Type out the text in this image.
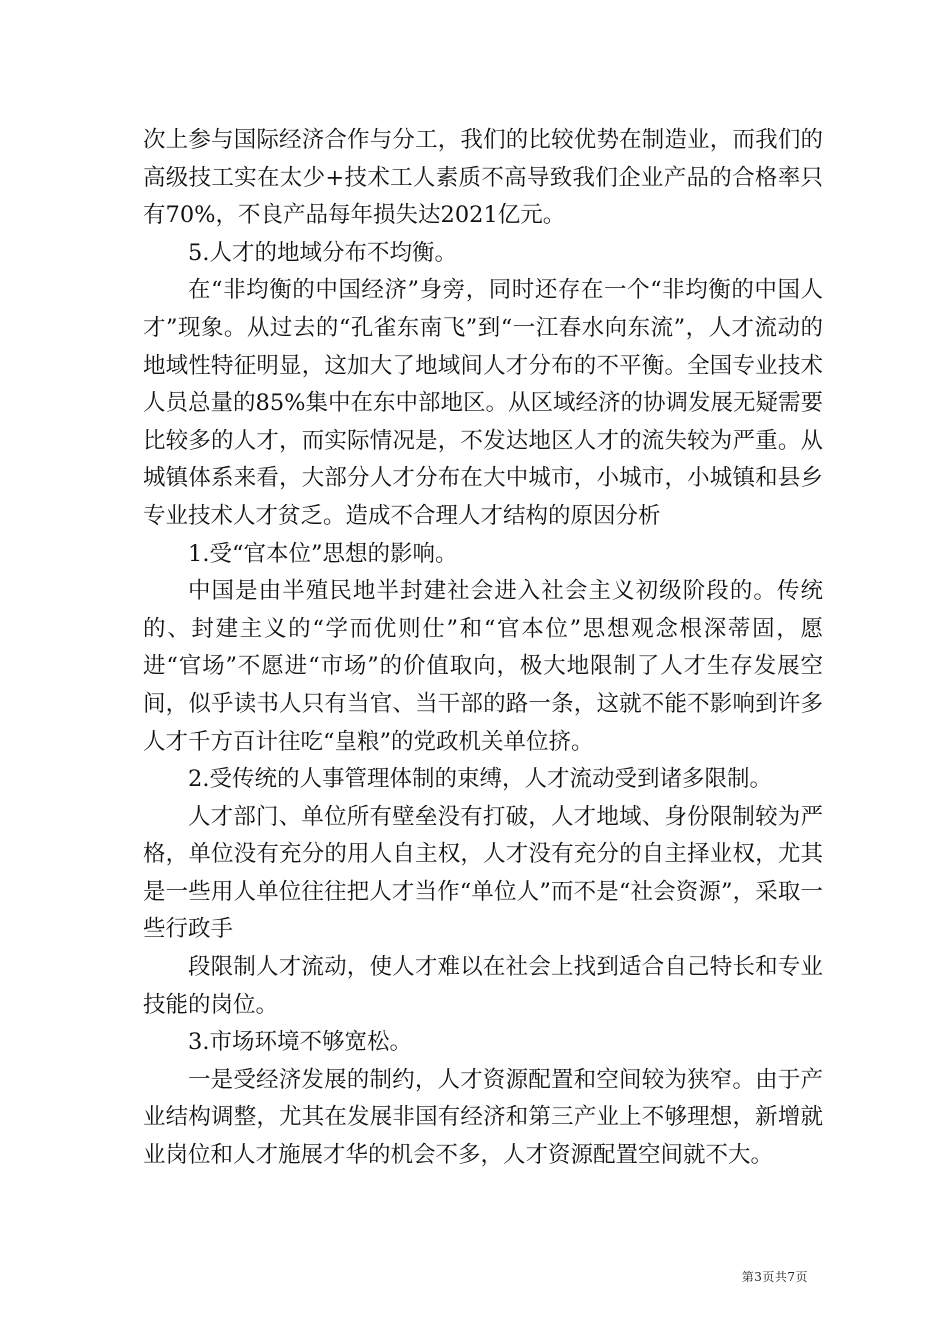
次上参与国际经济合作与分工，我们的比较优势在制造业，而我们的高级技工实在太少+技术工人素质不高导致我们企业产品的合格率只有70%，不良产品每年损失达2021亿元。

5.人才的地域分布不均衡。

在“非均衡的中国经济”身旁，同时还存在一个“非均衡的中国人才”现象。从过去的“孔雀东南飞”到“一江春水向东流”，人才流动的地域性特征明显，这加大了地域间人才分布的不平衡。全国专业技术人员总量的85%集中在东中部地区。从区域经济的协调发展无疑需要比较多的人才，而实际情况是，不发达地区人才的流失较为严重。从城镇体系来看，大部分人才分布在大中城市，小城市，小城镇和县乡专业技术人才贫乏。造成不合理人才结构的原因分析

1.受“官本位”思想的影响。

中国是由半殖民地半封建社会进入社会主义初级阶段的。传统的、封建主义的“学而优则仕”和“官本位”思想观念根深蒂固，愿进“官场”不愿进“市场”的价值取向，极大地限制了人才生存发展空间，似乎读书人只有当官、当干部的路一条，这就不能不影响到许多人才千方百计往吃“皇粮”的党政机关单位挤。

2.受传统的人事管理体制的束缚，人才流动受到诸多限制。

人才部门、单位所有壁垒没有打破，人才地域、身份限制较为严格，单位没有充分的用人自主权，人才没有充分的自主择业权，尤其是一些用人单位往往把人才当作“单位人”而不是“社会资源”，采取一些行政手

段限制人才流动，使人才难以在社会上找到适合自己特长和专业技能的岗位。

3.市场环境不够宽松。

一是受经济发展的制约，人才资源配置和空间较为狭窄。由于产业结构调整，尤其在发展非国有经济和第三产业上不够理想，新增就业岗位和人才施展才华的机会不多，人才资源配置空间就不大。

第3页共7页
